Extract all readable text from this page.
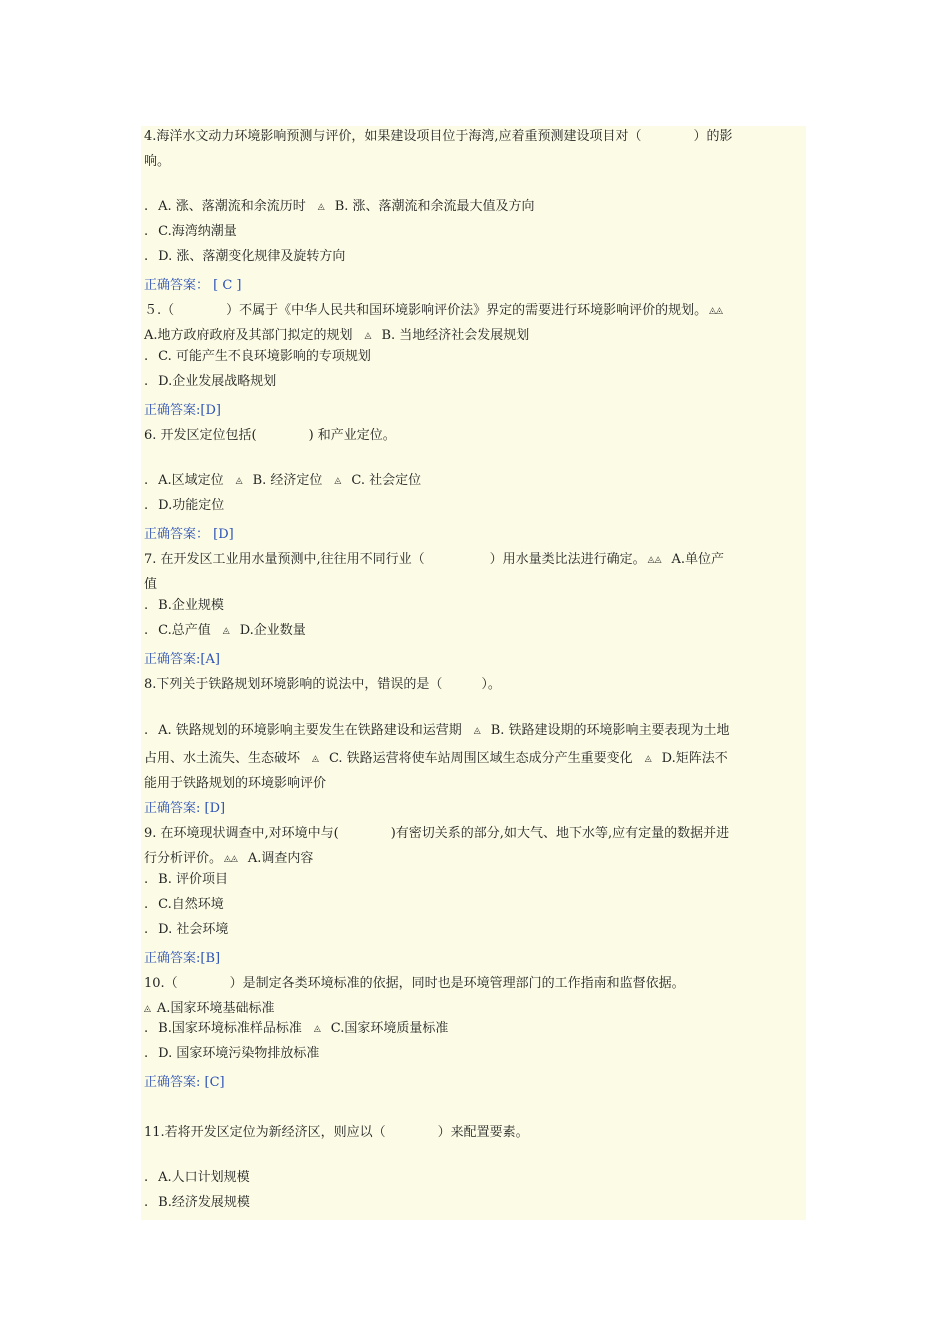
4.海洋水文动力环境影响预测与评价，如果建设项目位于海湾,应着重预测建设项目对（　　　　）的影
响。
. A. 涨、落潮流和余流历时 ◬ B. 涨、落潮流和余流最大值及方向
. C.海湾纳潮量
. D. 涨、落潮变化规律及旋转方向
正确答案： [ C ]
５.（　　　　）不属于《中华人民共和国环境影响评价法》界定的需要进行环境影响评价的规划。 ◬◬
A.地方政府政府及其部门拟定的规划 ◬ B. 当地经济社会发展规划
. C. 可能产生不良环境影响的专项规划
. D.企业发展战略规划
正确答案:[D]
6. 开发区定位包括(　　　　) 和产业定位。
. A.区域定位 ◬ B. 经济定位 ◬ C. 社会定位
. D.功能定位
正确答案： [D]
7. 在开发区工业用水量预测中,往往用不同行业（　　　　　）用水量类比法进行确定。 ◬◬ A.单位产
值
. B.企业规模
. C.总产值 ◬ D.企业数量
正确答案:[A]
8.下列关于铁路规划环境影响的说法中，错误的是（　　　）。
. A. 铁路规划的环境影响主要发生在铁路建设和运营期 ◬ B. 铁路建设期的环境影响主要表现为土地
占用、水土流失、生态破坏 ◬ C. 铁路运营将使车站周围区域生态成分产生重要变化 ◬ D.矩阵法不
能用于铁路规划的环境影响评价
正确答案: [D]
9. 在环境现状调查中,对环境中与(　　　　)有密切关系的部分,如大气、地下水等,应有定量的数据并进
行分析评价。 ◬◬ A.调查内容
. B. 评价项目
. C.自然环境
. D. 社会环境
正确答案:[B]
10.（　　　　）是制定各类环境标准的依据，同时也是环境管理部门的工作指南和监督依据。
◬ A.国家环境基础标准
. B.国家环境标准样品标准 ◬ C.国家环境质量标准
. D. 国家环境污染物排放标准
正确答案: [C]
11.若将开发区定位为新经济区，则应以（　　　　）来配置要素。
. A.人口计划规模
. B.经济发展规模
